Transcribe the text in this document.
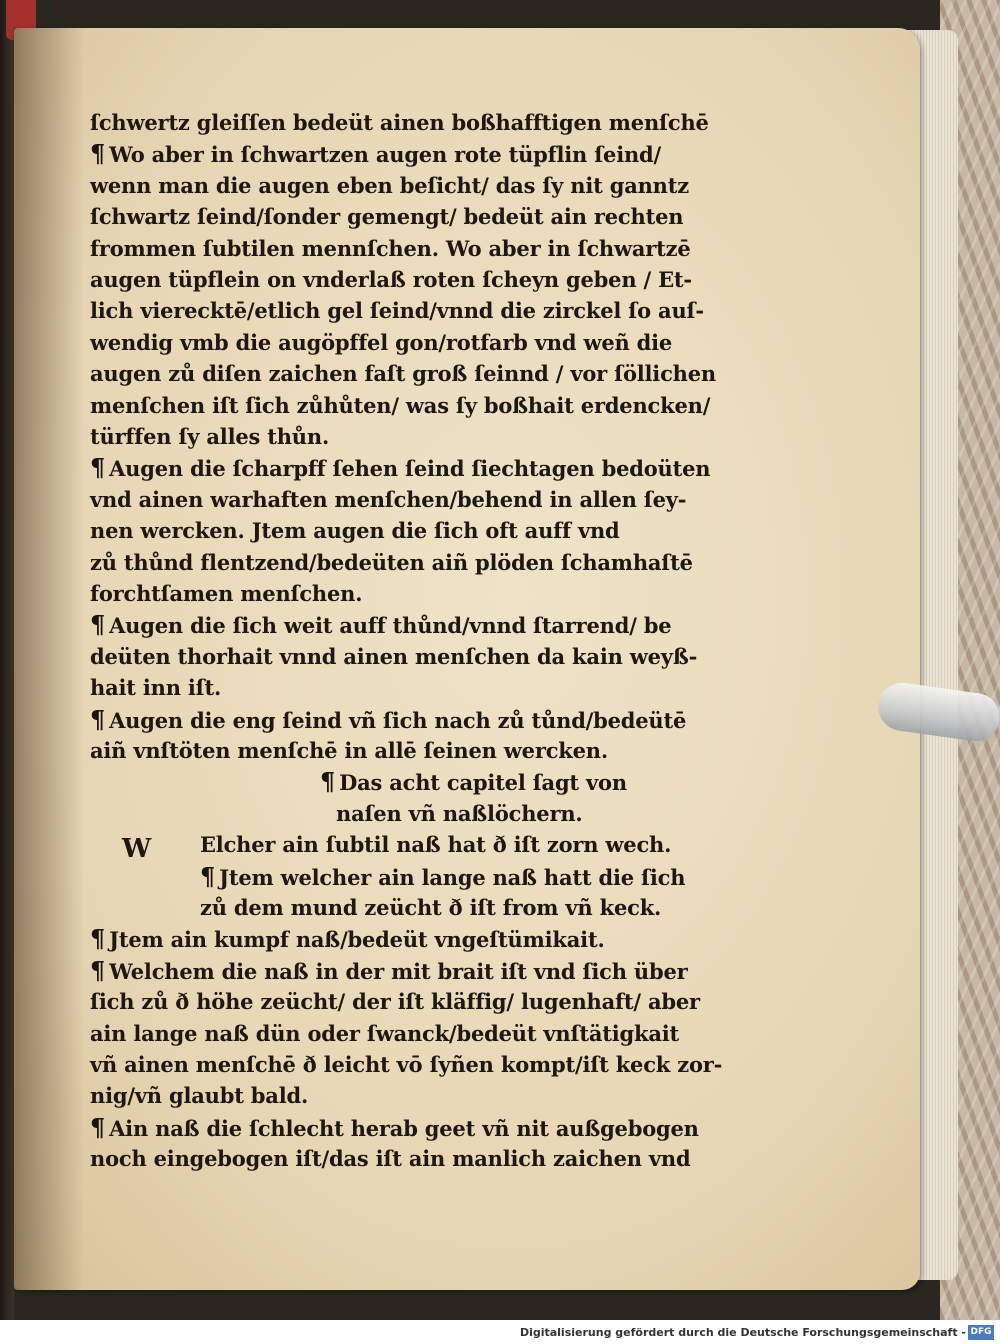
W
ſchwertz gleiſſen bedeüt ainen boßhafftigen menſchē
¶ Wo aber in ſchwartzen augen rote tüpflin ſeind/
wenn man die augen eben beſicht/ das ſy nit ganntz
ſchwartz ſeind/ſonder gemengt/ bedeüt ain rechten
frommen ſubtilen mennſchen. Wo aber in ſchwartzē
augen tüpflein on vnderlaß roten ſcheyn geben / Et-
lich vierecktē/etlich gel ſeind/vnnd die zirckel ſo auſ-
wendig vmb die augöpffel gon/rotfarb vnd weñ die
augen zů diſen zaichen faſt groß ſeinnd / vor ſöllichen
menſchen iſt ſich zůhůten/ was ſy boßhait erdencken/
türffen ſy alles thůn.
¶ Augen die ſcharpff ſehen ſeind ſiechtagen bedoüten
vnd ainen warhaften menſchen/behend in allen ſey-
nen wercken. Jtem augen die ſich oft auff vnd
zů thůnd flentzend/bedeüten aiñ plöden ſchamhaſtē
forchtſamen menſchen.
¶ Augen die ſich weit auff thůnd/vnnd ſtarrend/ be
deüten thorhait vnnd ainen menſchen da kain weyß-
hait inn iſt.
¶ Augen die eng ſeind vñ ſich nach zů tůnd/bedeütē
aiñ vnſtöten menſchē in allē ſeinen wercken.
¶ Das acht capitel ſagt von
naſen vñ naßlöchern.
Elcher ain ſubtil naß hat ð iſt zorn wech.
¶ Jtem welcher ain lange naß hatt die ſich
zů dem mund zeücht ð iſt from vñ keck.
¶ Jtem ain kumpf naß/bedeüt vngeſtümikait.
¶ Welchem die naß in der mit brait iſt vnd ſich über
ſich zů ð höhe zeücht/ der iſt kläffig/ lugenhaft/ aber
ain lange naß dün oder ſwanck/bedeüt vnſtätigkait
vñ ainen menſchē ð leicht vō ſyñen kompt/iſt keck zor-
nig/vñ glaubt bald.
¶ Ain naß die ſchlecht herab geet vñ nit außgebogen
noch eingebogen iſt/das iſt ain manlich zaichen vnd
Digitalisierung gefördert durch die Deutsche Forschungsgemeinschaft - DFG
